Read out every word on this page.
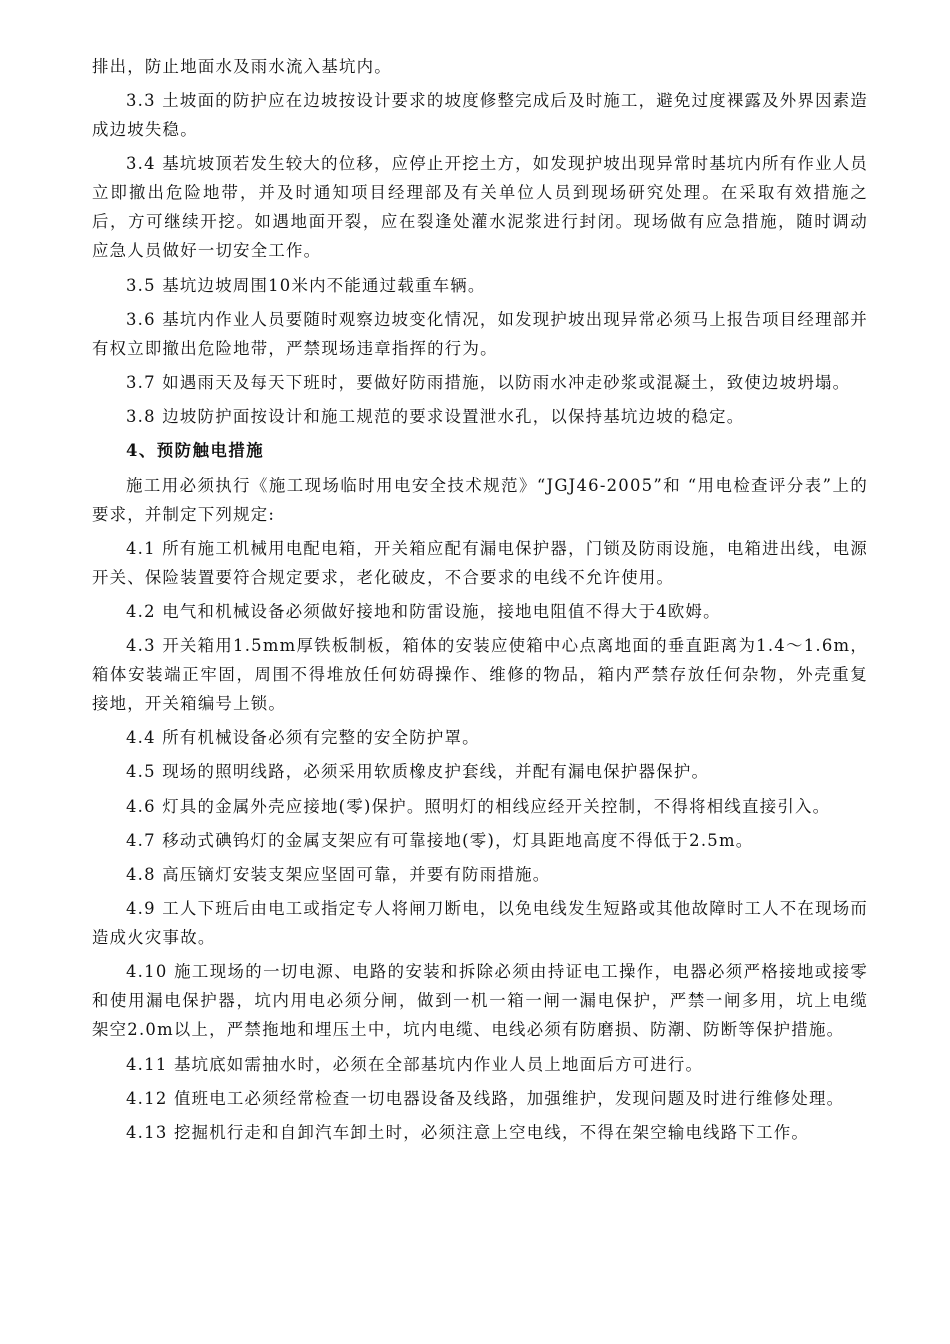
排出，防止地面水及雨水流入基坑内。

3.3 土坡面的防护应在边坡按设计要求的坡度修整完成后及时施工，避免过度裸露及外界因素造成边坡失稳。

3.4 基坑坡顶若发生较大的位移，应停止开挖土方，如发现护坡出现异常时基坑内所有作业人员立即撤出危险地带，并及时通知项目经理部及有关单位人员到现场研究处理。在采取有效措施之后，方可继续开挖。如遇地面开裂，应在裂逢处灌水泥浆进行封闭。现场做有应急措施，随时调动应急人员做好一切安全工作。

3.5 基坑边坡周围10米内不能通过载重车辆。

3.6 基坑内作业人员要随时观察边坡变化情况，如发现护坡出现异常必须马上报告项目经理部并有权立即撤出危险地带，严禁现场违章指挥的行为。

3.7 如遇雨天及每天下班时，要做好防雨措施，以防雨水冲走砂浆或混凝土，致使边坡坍塌。

3.8 边坡防护面按设计和施工规范的要求设置泄水孔，以保持基坑边坡的稳定。

4、预防触电措施

施工用必须执行《施工现场临时用电安全技术规范》“JGJ46-2005”和 “用电检查评分表”上的要求，并制定下列规定:

4.1 所有施工机械用电配电箱，开关箱应配有漏电保护器，门锁及防雨设施，电箱进出线，电源开关、保险装置要符合规定要求，老化破皮，不合要求的电线不允许使用。

4.2 电气和机械设备必须做好接地和防雷设施，接地电阻值不得大于4欧姆。

4.3 开关箱用1.5mm厚铁板制板，箱体的安装应使箱中心点离地面的垂直距离为1.4～1.6m，箱体安装端正牢固，周围不得堆放任何妨碍操作、维修的物品，箱内严禁存放任何杂物，外壳重复接地，开关箱编号上锁。

4.4 所有机械设备必须有完整的安全防护罩。

4.5 现场的照明线路，必须采用软质橡皮护套线，并配有漏电保护器保护。

4.6 灯具的金属外壳应接地(零)保护。照明灯的相线应经开关控制，不得将相线直接引入。

4.7 移动式碘钨灯的金属支架应有可靠接地(零)，灯具距地高度不得低于2.5m。

4.8 高压镝灯安装支架应坚固可靠，并要有防雨措施。

4.9 工人下班后由电工或指定专人将闸刀断电，以免电线发生短路或其他故障时工人不在现场而造成火灾事故。

4.10 施工现场的一切电源、电路的安装和拆除必须由持证电工操作，电器必须严格接地或接零和使用漏电保护器，坑内用电必须分闸，做到一机一箱一闸一漏电保护，严禁一闸多用，坑上电缆架空2.0m以上，严禁拖地和埋压土中，坑内电缆、电线必须有防磨损、防潮、防断等保护措施。

4.11 基坑底如需抽水时，必须在全部基坑内作业人员上地面后方可进行。

4.12 值班电工必须经常检查一切电器设备及线路，加强维护，发现问题及时进行维修处理。

4.13 挖掘机行走和自卸汽车卸土时，必须注意上空电线，不得在架空输电线路下工作。
